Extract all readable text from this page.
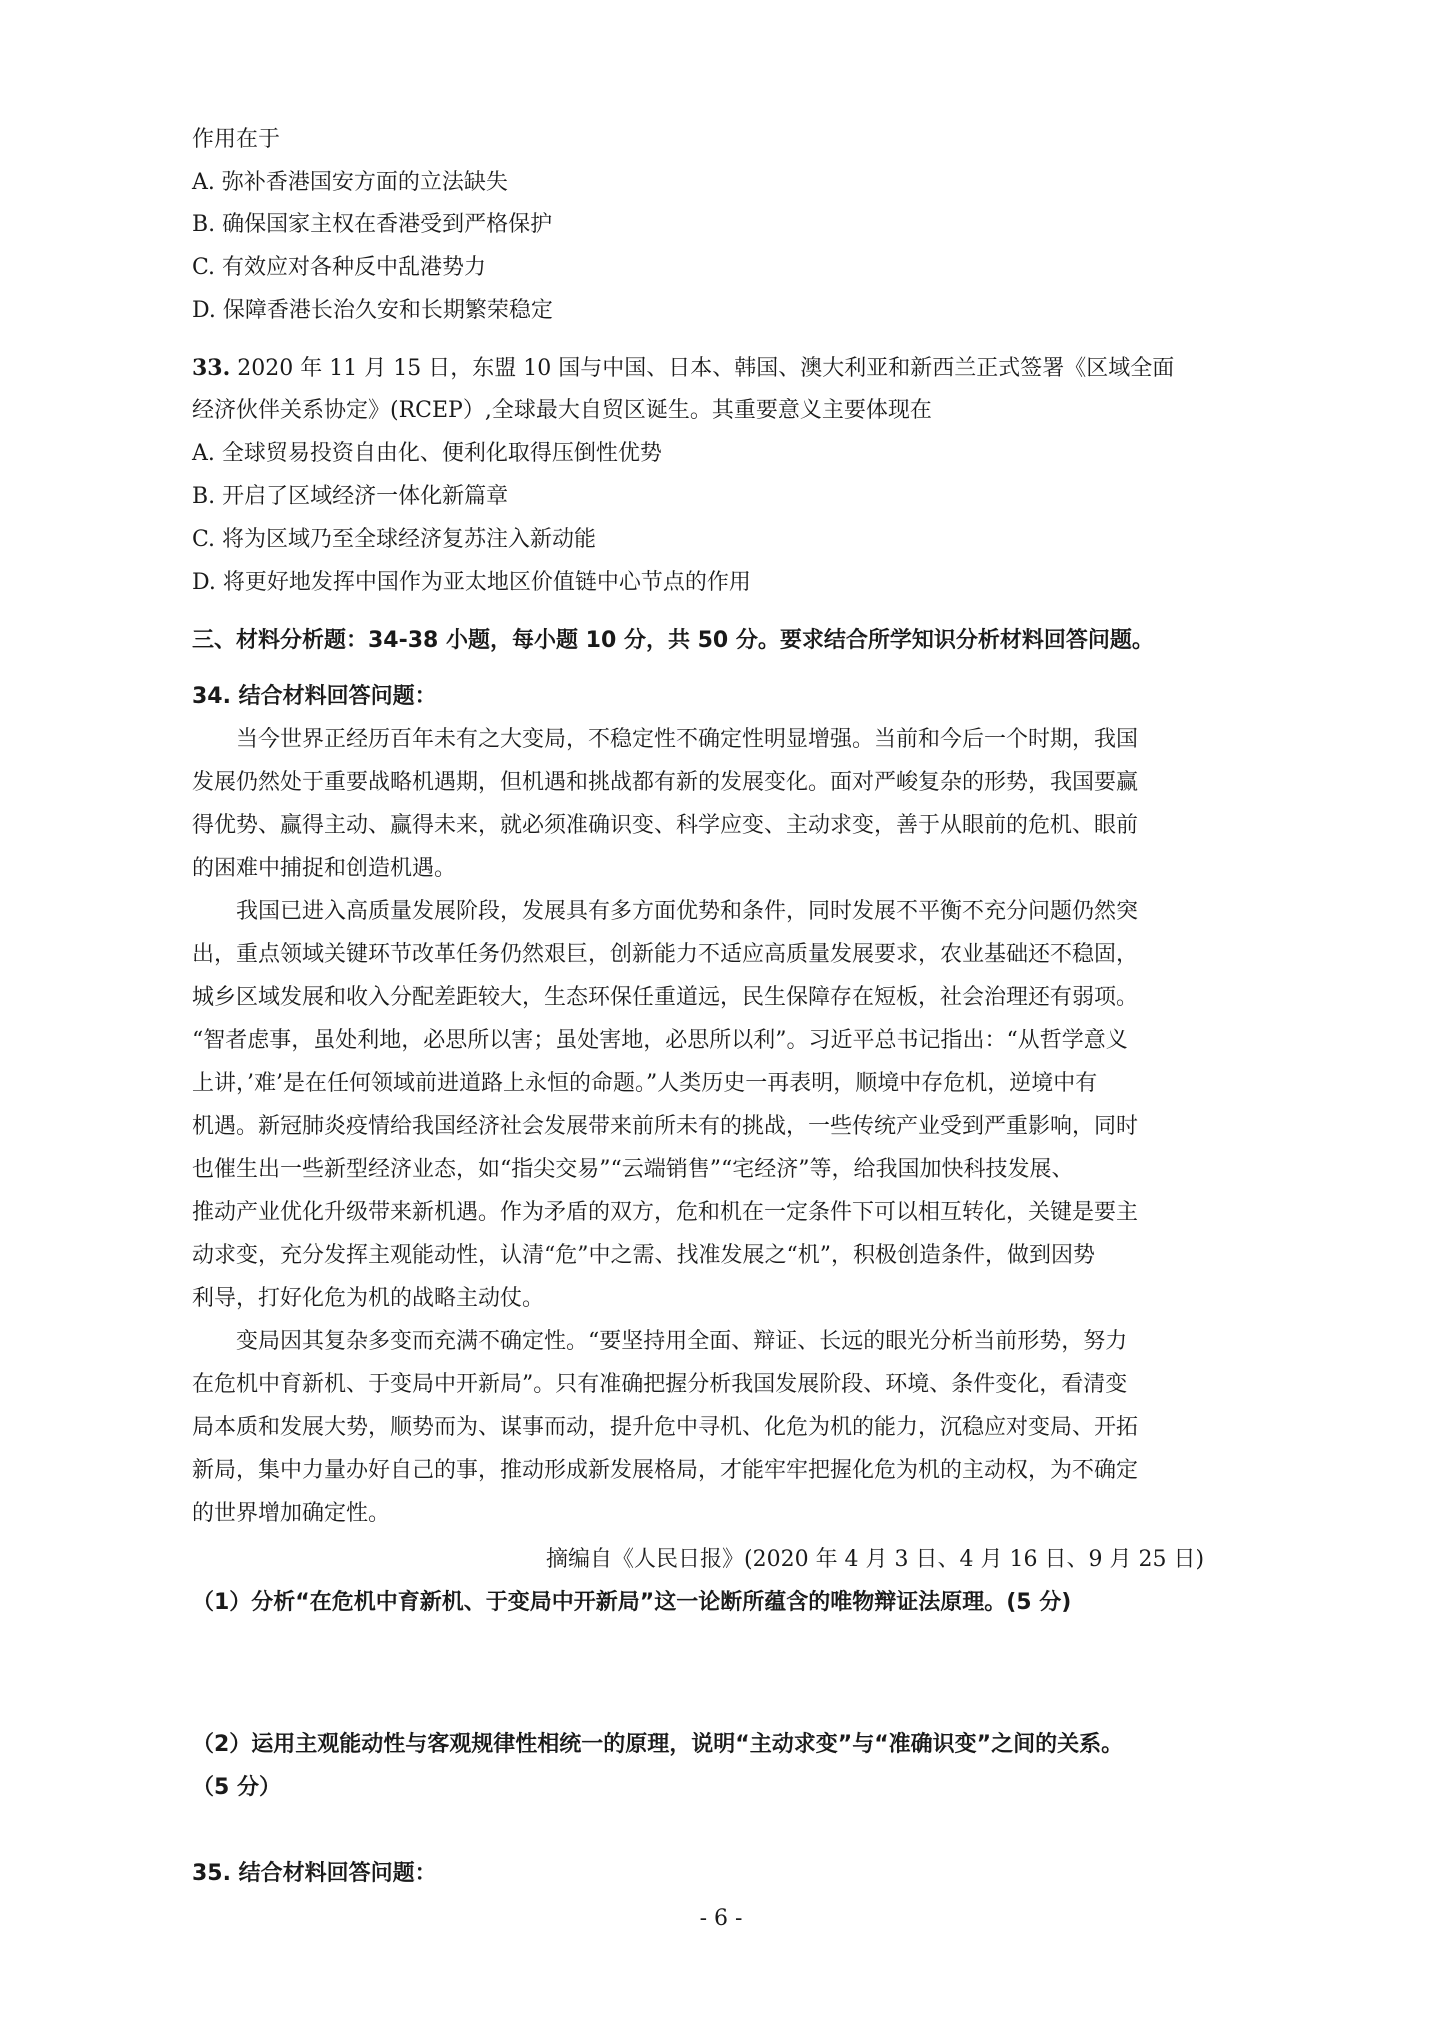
作用在于
A. 弥补香港国安方面的立法缺失
B. 确保国家主权在香港受到严格保护
C. 有效应对各种反中乱港势力
D. 保障香港长治久安和长期繁荣稳定
33. 2020 年 11 月 15 日，东盟 10 国与中国、日本、韩国、澳大利亚和新西兰正式签署《区域全面
经济伙伴关系协定》(RCEP）,全球最大自贸区诞生。其重要意义主要体现在
A. 全球贸易投资自由化、便利化取得压倒性优势
B. 开启了区域经济一体化新篇章
C. 将为区域乃至全球经济复苏注入新动能
D. 将更好地发挥中国作为亚太地区价值链中心节点的作用
三、材料分析题：34-38 小题，每小题 10 分，共 50 分。要求结合所学知识分析材料回答问题。
34. 结合材料回答问题：
当今世界正经历百年未有之大变局，不稳定性不确定性明显增强。当前和今后一个时期，我国
发展仍然处于重要战略机遇期，但机遇和挑战都有新的发展变化。面对严峻复杂的形势，我国要赢
得优势、赢得主动、赢得未来，就必须准确识变、科学应变、主动求变，善于从眼前的危机、眼前
的困难中捕捉和创造机遇。
我国已进入高质量发展阶段，发展具有多方面优势和条件，同时发展不平衡不充分问题仍然突
出，重点领域关键环节改革任务仍然艰巨，创新能力不适应高质量发展要求，农业基础还不稳固，
城乡区域发展和收入分配差距较大，生态环保任重道远，民生保障存在短板，社会治理还有弱项。
“智者虑事，虽处利地，必思所以害；虽处害地，必思所以利”。习近平总书记指出：“从哲学意义
上讲，’难’是在任何领域前进道路上永恒的命题。”人类历史一再表明，顺境中存危机，逆境中有
机遇。新冠肺炎疫情给我国经济社会发展带来前所未有的挑战，一些传统产业受到严重影响，同时
也催生出一些新型经济业态，如“指尖交易”“云端销售”“宅经济”等，给我国加快科技发展、
推动产业优化升级带来新机遇。作为矛盾的双方，危和机在一定条件下可以相互转化，关键是要主
动求变，充分发挥主观能动性，认清“危”中之需、找准发展之“机”，积极创造条件，做到因势
利导，打好化危为机的战略主动仗。
变局因其复杂多变而充满不确定性。“要坚持用全面、辩证、长远的眼光分析当前形势，努力
在危机中育新机、于变局中开新局”。只有准确把握分析我国发展阶段、环境、条件变化，看清变
局本质和发展大势，顺势而为、谋事而动，提升危中寻机、化危为机的能力，沉稳应对变局、开拓
新局，集中力量办好自己的事，推动形成新发展格局，才能牢牢把握化危为机的主动权，为不确定
的世界增加确定性。
摘编自《人民日报》(2020 年 4 月 3 日、4 月 16 日、9 月 25 日)
（1）分析“在危机中育新机、于变局中开新局”这一论断所蕴含的唯物辩证法原理。(5 分)
（2）运用主观能动性与客观规律性相统一的原理，说明“主动求变”与“准确识变”之间的关系。
（5 分）
35. 结合材料回答问题：
- 6 -
